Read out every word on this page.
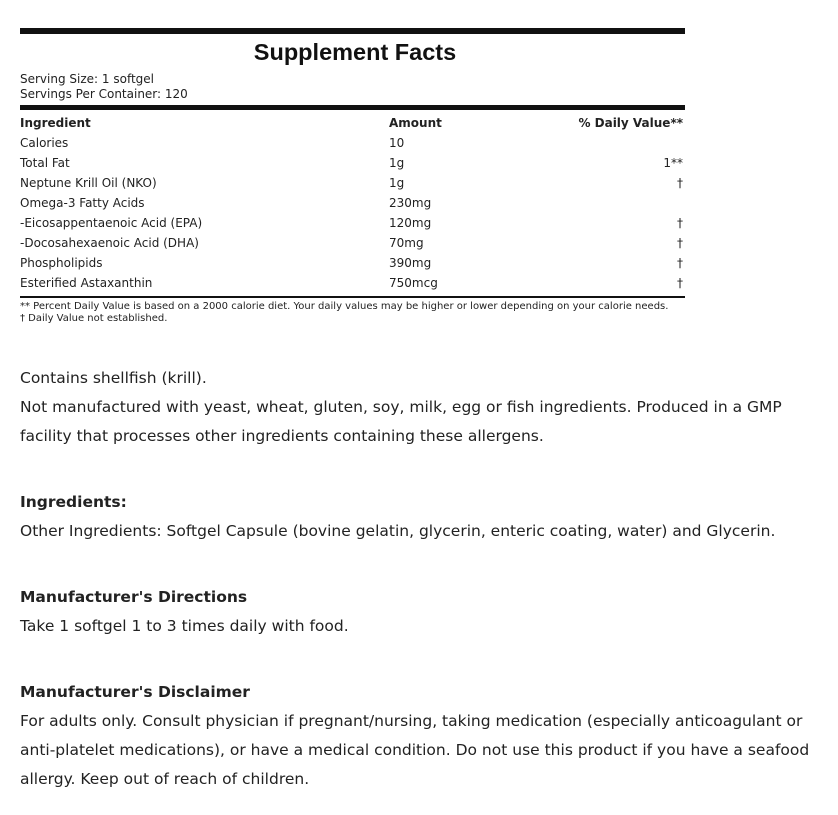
Supplement Facts
Serving Size: 1 softgel
Servings Per Container: 120
Ingredient	Amount	% Daily Value**
Calories	10	
Total Fat	1g	1**
Neptune Krill Oil (NKO)	1g	†
Omega-3 Fatty Acids	230mg	
-Eicosappentaenoic Acid (EPA)	120mg	†
-Docosahexaenoic Acid (DHA)	70mg	†
Phospholipids	390mg	†
Esterified Astaxanthin	750mcg	†
** Percent Daily Value is based on a 2000 calorie diet. Your daily values may be higher or lower depending on your calorie needs.
† Daily Value not established.

Contains shellfish (krill).

Not manufactured with yeast, wheat, gluten, soy, milk, egg or fish ingredients. Produced in a GMP facility that processes other ingredients containing these allergens.

Ingredients:

Other Ingredients: Softgel Capsule (bovine gelatin, glycerin, enteric coating, water) and Glycerin.

Manufacturer's Directions

Take 1 softgel 1 to 3 times daily with food.

Manufacturer's Disclaimer

For adults only. Consult physician if pregnant/nursing, taking medication (especially anticoagulant or anti-platelet medications), or have a medical condition. Do not use this product if you have a seafood allergy. Keep out of reach of children.
